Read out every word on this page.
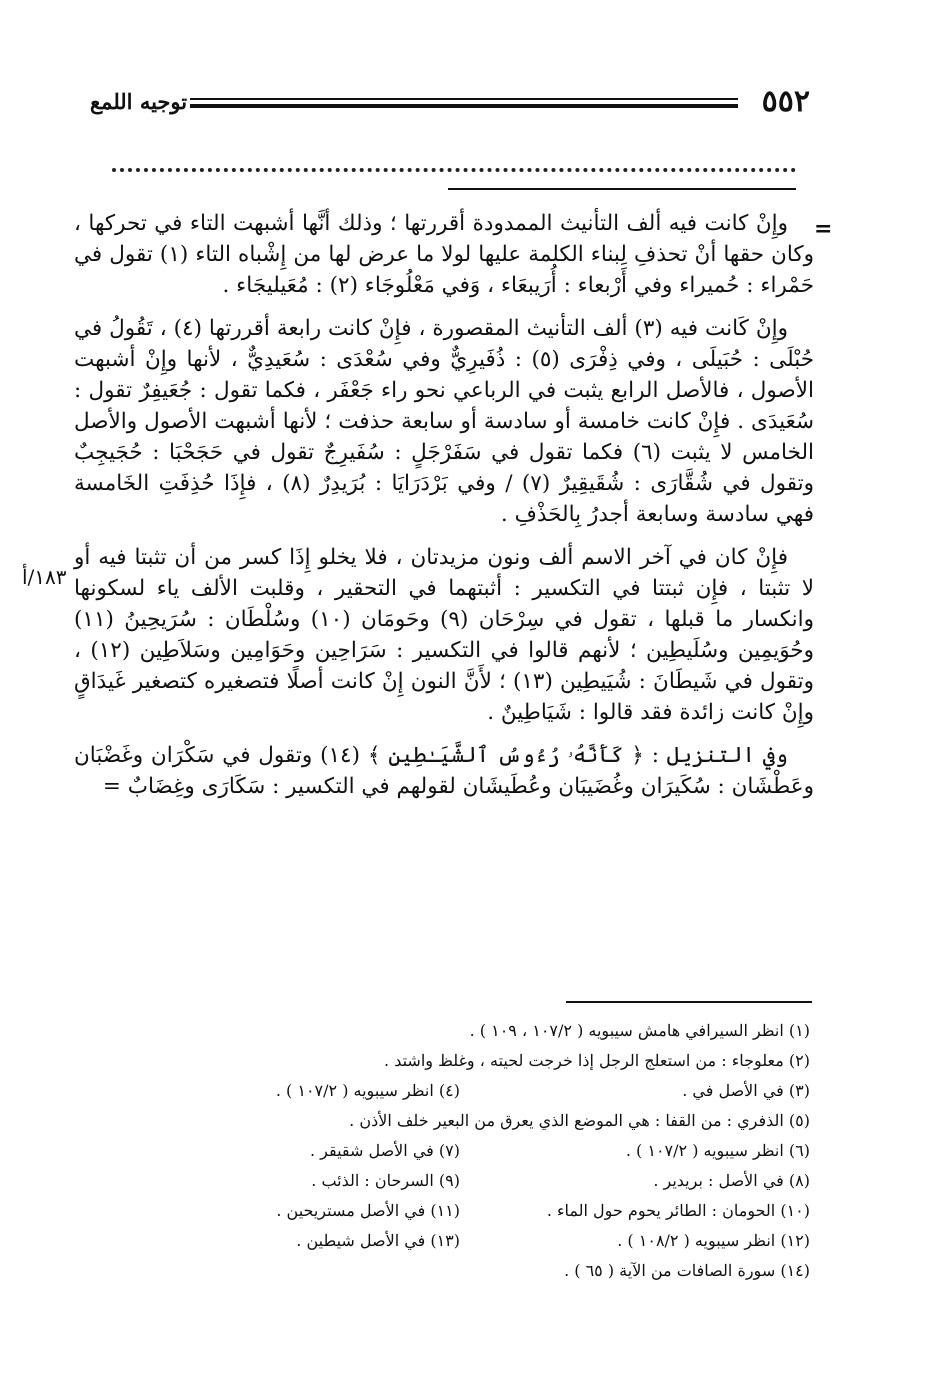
٥٥٢
توجيه اللمع
=
١٨٣/أ

وإِنْ كانت فيه ألف التأنيث الممدودة أقررتها ؛ وذلك أنَّها أشبهت التاء في تحركها ، وكان حقها أنْ تحذفِ لِبناء الكلمة عليها لولا ما عرض لها من إِشْباه التاء (١) تقول في حَمْراء : حُميراء وفي أَرْبعاء : أُرَيبعَاء ، وَفي مَعْلُوجَاء (٢) : مُعَيليجَاء .

وإِنْ كَانت فيه (٣) ألف التأنيث المقصورة ، فإِنْ كانت رابعة أقررتها (٤) ، تَقُولُ في حُبْلَى : حُبَيلَى ، وفي ذِفْرَى (٥) : ذُفَيرِيٌّ وفي سُعْدَى : سُعَيدِيٌّ ، لأنها وإِنْ أشبهت الأصول ، فالأصل الرابع يثبت في الرباعي نحو راء جَعْفَر ، فكما تقول : جُعَيفِرٌ تقول : سُعَيدَى . فإِنْ كانت خامسة أو سادسة أو سابعة حذفت ؛ لأنها أشبهت الأصول والأصل الخامس لا يثبت (٦) فكما تقول في سَفَرْجَلٍ : سُفَيرِجٌ تقول في حَجَحْبَا : حُجَيجِبٌ وتقول في شُقَّارَى : شُقَيقِيرٌ (٧) / وفي بَرْدَرَايَا : بُرَيدِرٌ (٨) ، فإِذَا حُذِفَتِ الخَامسة فهي سادسة وسابعة أجدرُ بِالحَذْفِ .

فإِنْ كان في آخر الاسم ألف ونون مزيدتان ، فلا يخلو إِذَا كسر من أن تثبتا فيه أو لا تثبتا ، فإِن ثبتتا في التكسير : أثبتهما في التحقير ، وقلبت الألف ياء لسكونها وانكسار ما قبلها ، تقول في سِرْحَان (٩) وحَومَان (١٠) وسُلْطَان : سُرَيحِينُ (١١) وحُوَيمِين وسُلَيطِين ؛ لأنهم قالوا في التكسير : سَرَاحِين وحَوَامِين وسَلاَطِين (١٢) ، وتقول في شَيطَانَ : شُيَيطِين (١٣) ؛ لأَنَّ النون إِنْ كانت أصلًا فتصغيره كتصغير غَيدَاقٍ وإِنْ كانت زائدة فقد قالوا : شَيَاطِينٌ .

وفي التنزيل : ﴿ كَأَنَّهُۥ رُءُوسُ ٱلشَّيَـٰطِينِ ﴾ (١٤) وتقول في سَكْرَان وغَضْبَان وعَطْشَان : سُكَيرَان وغُضَيبَان وعُطَيشَان لقولهم في التكسير : سَكَارَى وغِضَابٌ =

(١) انظر السيرافي هامش سيبويه ( ١٠٧/٢ ، ١٠٩ ) .
(٢) معلوجاء : من استعلج الرجل إذا خرجت لحيته ، وغلظ واشتد .
(٣) في الأصل في .
(٤) انظر سيبويه ( ١٠٧/٢ ) .
(٥) الذفري : من القفا : هي الموضع الذي يعرق من البعير خلف الأذن .
(٦) انظر سيبويه ( ١٠٧/٢ ) .
(٧) في الأصل شقيقر .
(٨) في الأصل : بريدير .
(٩) السرحان : الذئب .
(١٠) الحومان : الطائر يحوم حول الماء .
(١١) في الأصل مستريحين .
(١٢) انظر سيبويه ( ١٠٨/٢ ) .
(١٣) في الأصل شيطين .
(١٤) سورة الصافات من الآية ( ٦٥ ) .
